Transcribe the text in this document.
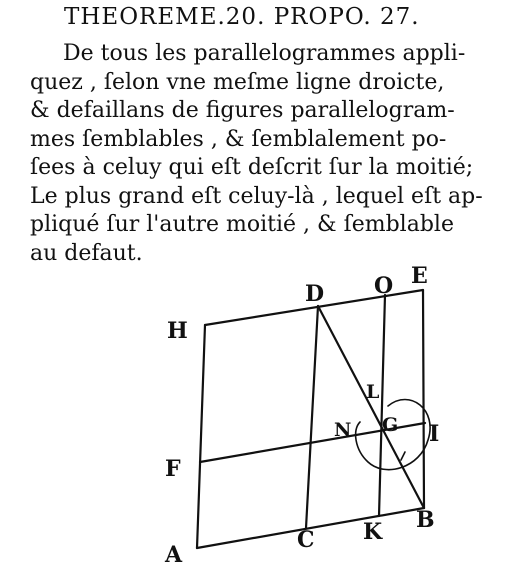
THEOREME.20. PROPO. 27.
De tous les parallelogrammes appli-
quez , ſelon vne meſme ligne droicte,
& defaillans de figures parallelogram-
mes ſemblables , & ſemblalement po-
ſees à celuy qui eſt deſcrit ſur la moitié;
Le plus grand eſt celuy-là , lequel eſt ap-
pliqué ſur l'autre moitié , & ſemblable
au defaut.
H
D O E
L
N G I
F
A
C K B
